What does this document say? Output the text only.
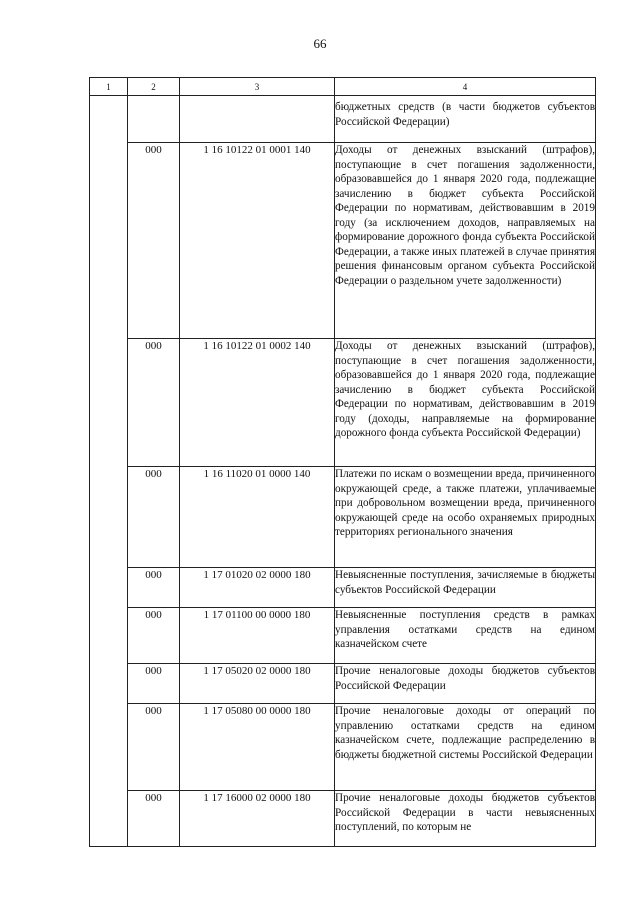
66
1	2	3	4
			бюджетных средств (в части бюджетов субъектов Российской Федерации)
	000	1 16 10122 01 0001 140	Доходы от денежных взысканий (штрафов), поступающие в счет погашения задолженности, образовавшейся до 1 января 2020 года, подлежащие зачислению в бюджет субъекта Российской Федерации по нормативам, действовавшим в 2019 году (за исключением доходов, направляемых на формирование дорожного фонда субъекта Российской Федерации, а также иных платежей в случае принятия решения финансовым органом субъекта Российской Федерации о раздельном учете задолженности)
	000	1 16 10122 01 0002 140	Доходы от денежных взысканий (штрафов), поступающие в счет погашения задолженности, образовавшейся до 1 января 2020 года, подлежащие зачислению в бюджет субъекта Российской Федерации по нормативам, действовавшим в 2019 году (доходы, направляемые на формирование дорожного фонда субъекта Российской Федерации)
	000	1 16 11020 01 0000 140	Платежи по искам о возмещении вреда, причиненного окружающей среде, а также платежи, уплачиваемые при добровольном возмещении вреда, причиненного окружающей среде на особо охраняемых природных территориях регионального значения
	000	1 17 01020 02 0000 180	Невыясненные поступления, зачисляемые в бюджеты субъектов Российской Федерации
	000	1 17 01100 00 0000 180	Невыясненные поступления средств в рамках управления остатками средств на едином казначейском счете
	000	1 17 05020 02 0000 180	Прочие неналоговые доходы бюджетов субъектов Российской Федерации
	000	1 17 05080 00 0000 180	Прочие неналоговые доходы от операций по управлению остатками средств на едином казначейском счете, подлежащие распределению в бюджеты бюджетной системы Российской Федерации
	000	1 17 16000 02 0000 180	Прочие неналоговые доходы бюджетов субъектов Российской Федерации в части невыясненных поступлений, по которым не
